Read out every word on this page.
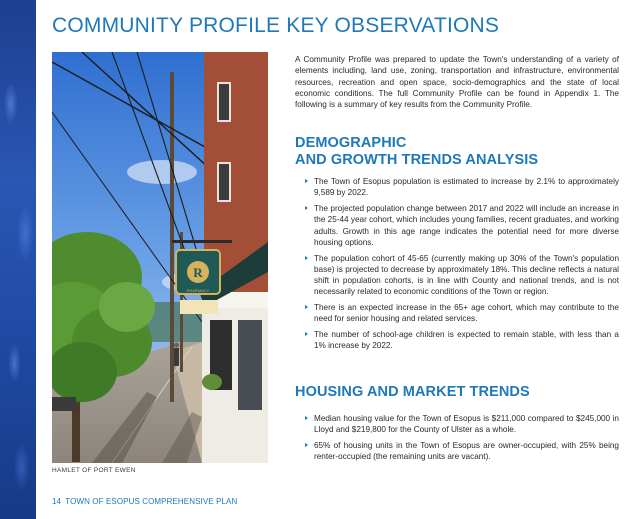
COMMUNITY PROFILE KEY OBSERVATIONS
R
PHARMACY
HAMLET OF PORT EWEN
14 TOWN OF ESOPUS COMPREHENSIVE PLAN

A Community Profile was prepared to update the Town's understanding of a variety of elements including, land use, zoning, transportation and infrastructure, environmental resources, recreation and open space, socio-demographics and the state of local economic conditions. The full Community Profile can be found in Appendix 1. The following is a summary of key results from the Community Profile.

DEMOGRAPHIC
AND GROWTH TRENDS ANALYSIS
The Town of Esopus population is estimated to increase by 2.1% to approximately 9,589 by 2022.
The projected population change between 2017 and 2022 will include an increase in the 25-44 year cohort, which includes young families, recent graduates, and working adults. Growth in this age range indicates the potential need for more diverse housing options.
The population cohort of 45-65 (currently making up 30% of the Town's population base) is projected to decrease by approximately 18%. This decline reflects a natural shift in population cohorts, is in line with County and national trends, and is not necessarily related to economic conditions of the Town or region.
There is an expected increase in the 65+ age cohort, which may contribute to the need for senior housing and related services.
The number of school-age children is expected to remain stable, with less than a 1% increase by 2022.
HOUSING AND MARKET TRENDS
Median housing value for the Town of Esopus is $211,000 compared to $245,000 in Lloyd and $219,800 for the County of Ulster as a whole.
65% of housing units in the Town of Esopus are owner-occupied, with 25% being renter-occupied (the remaining units are vacant).
